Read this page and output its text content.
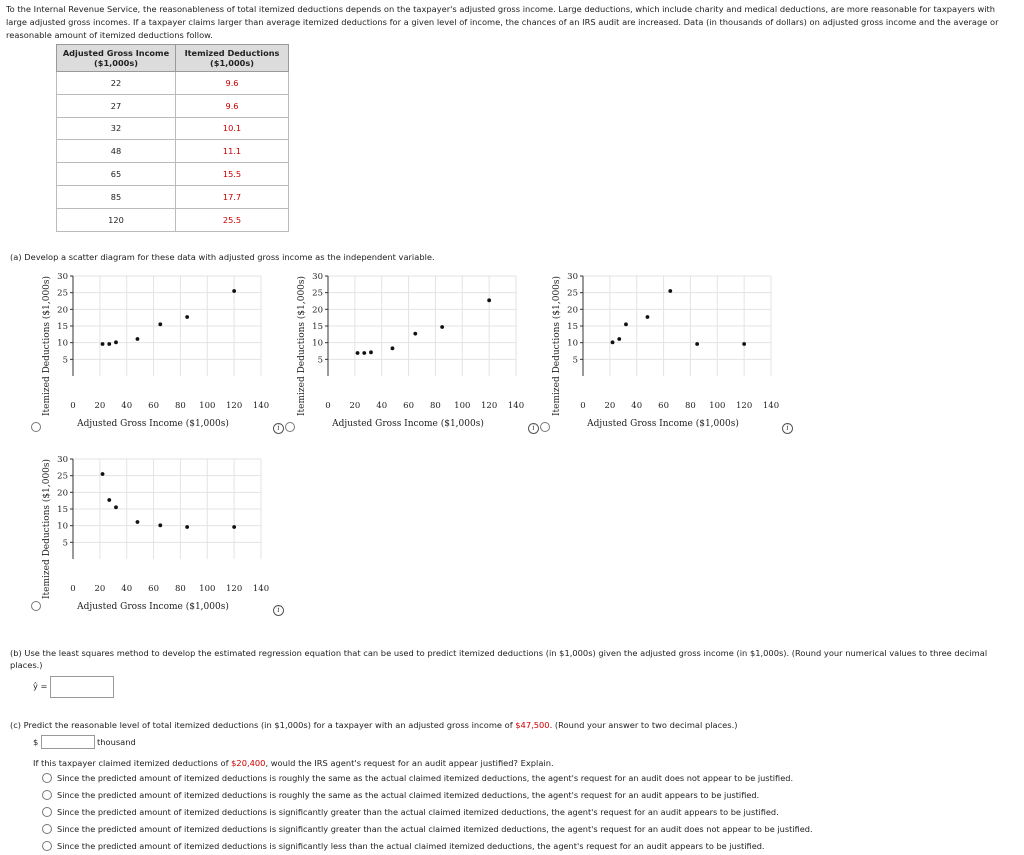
To the Internal Revenue Service, the reasonableness of total itemized deductions depends on the taxpayer's adjusted gross income. Large deductions, which include charity and medical deductions, are more reasonable for taxpayers with large adjusted gross incomes. If a taxpayer claims larger than average itemized deductions for a given level of income, the chances of an IRS audit are increased. Data (in thousands of dollars) on adjusted gross income and the average or reasonable amount of itemized deductions follow.
Adjusted Gross Income ($1,000s)	Itemized Deductions ($1,000s)
22	9.6
27	9.6
32	10.1
48	11.1
65	15.5
85	17.7
120	25.5
(a) Develop a scatter diagram for these data with adjusted gross income as the independent variable.
5
10
15
20
25
30
0 20 40 60 80 100 120 140
Adjusted Gross Income ($1,000s)
Itemized Deductions ($1,000s)	5
10
15
20
25
30
0 20 40 60 80 100 120 140
Adjusted Gross Income ($1,000s)
Itemized Deductions ($1,000s)	5
10
15
20
25
30
0 20 40 60 80 100 120 140
Adjusted Gross Income ($1,000s)
Itemized Deductions ($1,000s)
5
10
15
20
25
30
0 20 40 60 80 100 120 140
Adjusted Gross Income ($1,000s)
Itemized Deductions ($1,000s)
i	i	i
i
(b) Use the least squares method to develop the estimated regression equation that can be used to predict itemized deductions (in $1,000s) given the adjusted gross income (in $1,000s). (Round your numerical values to three decimal places.)
ŷ =
(c) Predict the reasonable level of total itemized deductions (in $1,000s) for a taxpayer with an adjusted gross income of $47,500. (Round your answer to two decimal places.)
$	thousand
If this taxpayer claimed itemized deductions of $20,400, would the IRS agent's request for an audit appear justified? Explain.
Since the predicted amount of itemized deductions is roughly the same as the actual claimed itemized deductions, the agent's request for an audit does not appear to be justified.
Since the predicted amount of itemized deductions is roughly the same as the actual claimed itemized deductions, the agent's request for an audit appears to be justified.
Since the predicted amount of itemized deductions is significantly greater than the actual claimed itemized deductions, the agent's request for an audit appears to be justified.
Since the predicted amount of itemized deductions is significantly greater than the actual claimed itemized deductions, the agent's request for an audit does not appear to be justified.
Since the predicted amount of itemized deductions is significantly less than the actual claimed itemized deductions, the agent's request for an audit appears to be justified.
